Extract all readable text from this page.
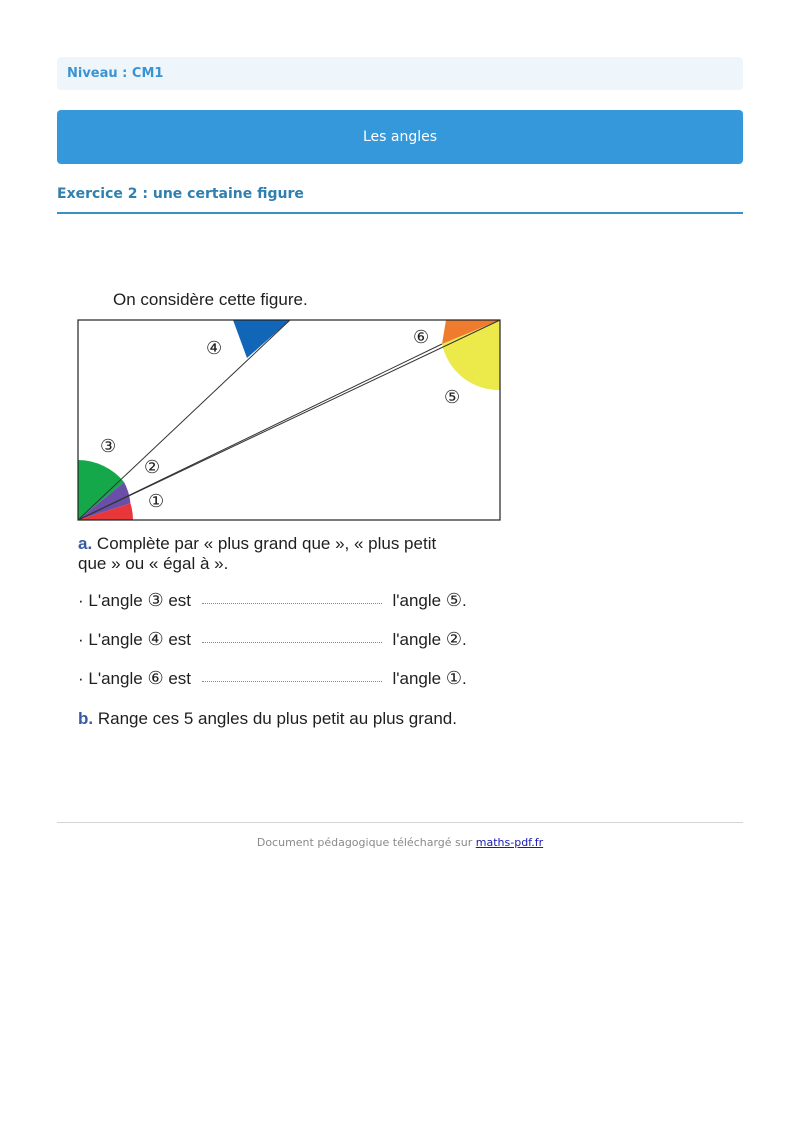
Niveau : CM1
Les angles
Exercice 2 : une certaine figure
①
②
③
④
⑤
⑥
On considère cette figure.
a. Complète par « plus grand que », « plus petit
que » ou « égal à ».
· L'angle ③ est	l'angle ⑤.
· L'angle ④ est	l'angle ②.
· L'angle ⑥ est	l'angle ①.
b. Range ces 5 angles du plus petit au plus grand.
Document pédagogique téléchargé sur maths-pdf.fr
